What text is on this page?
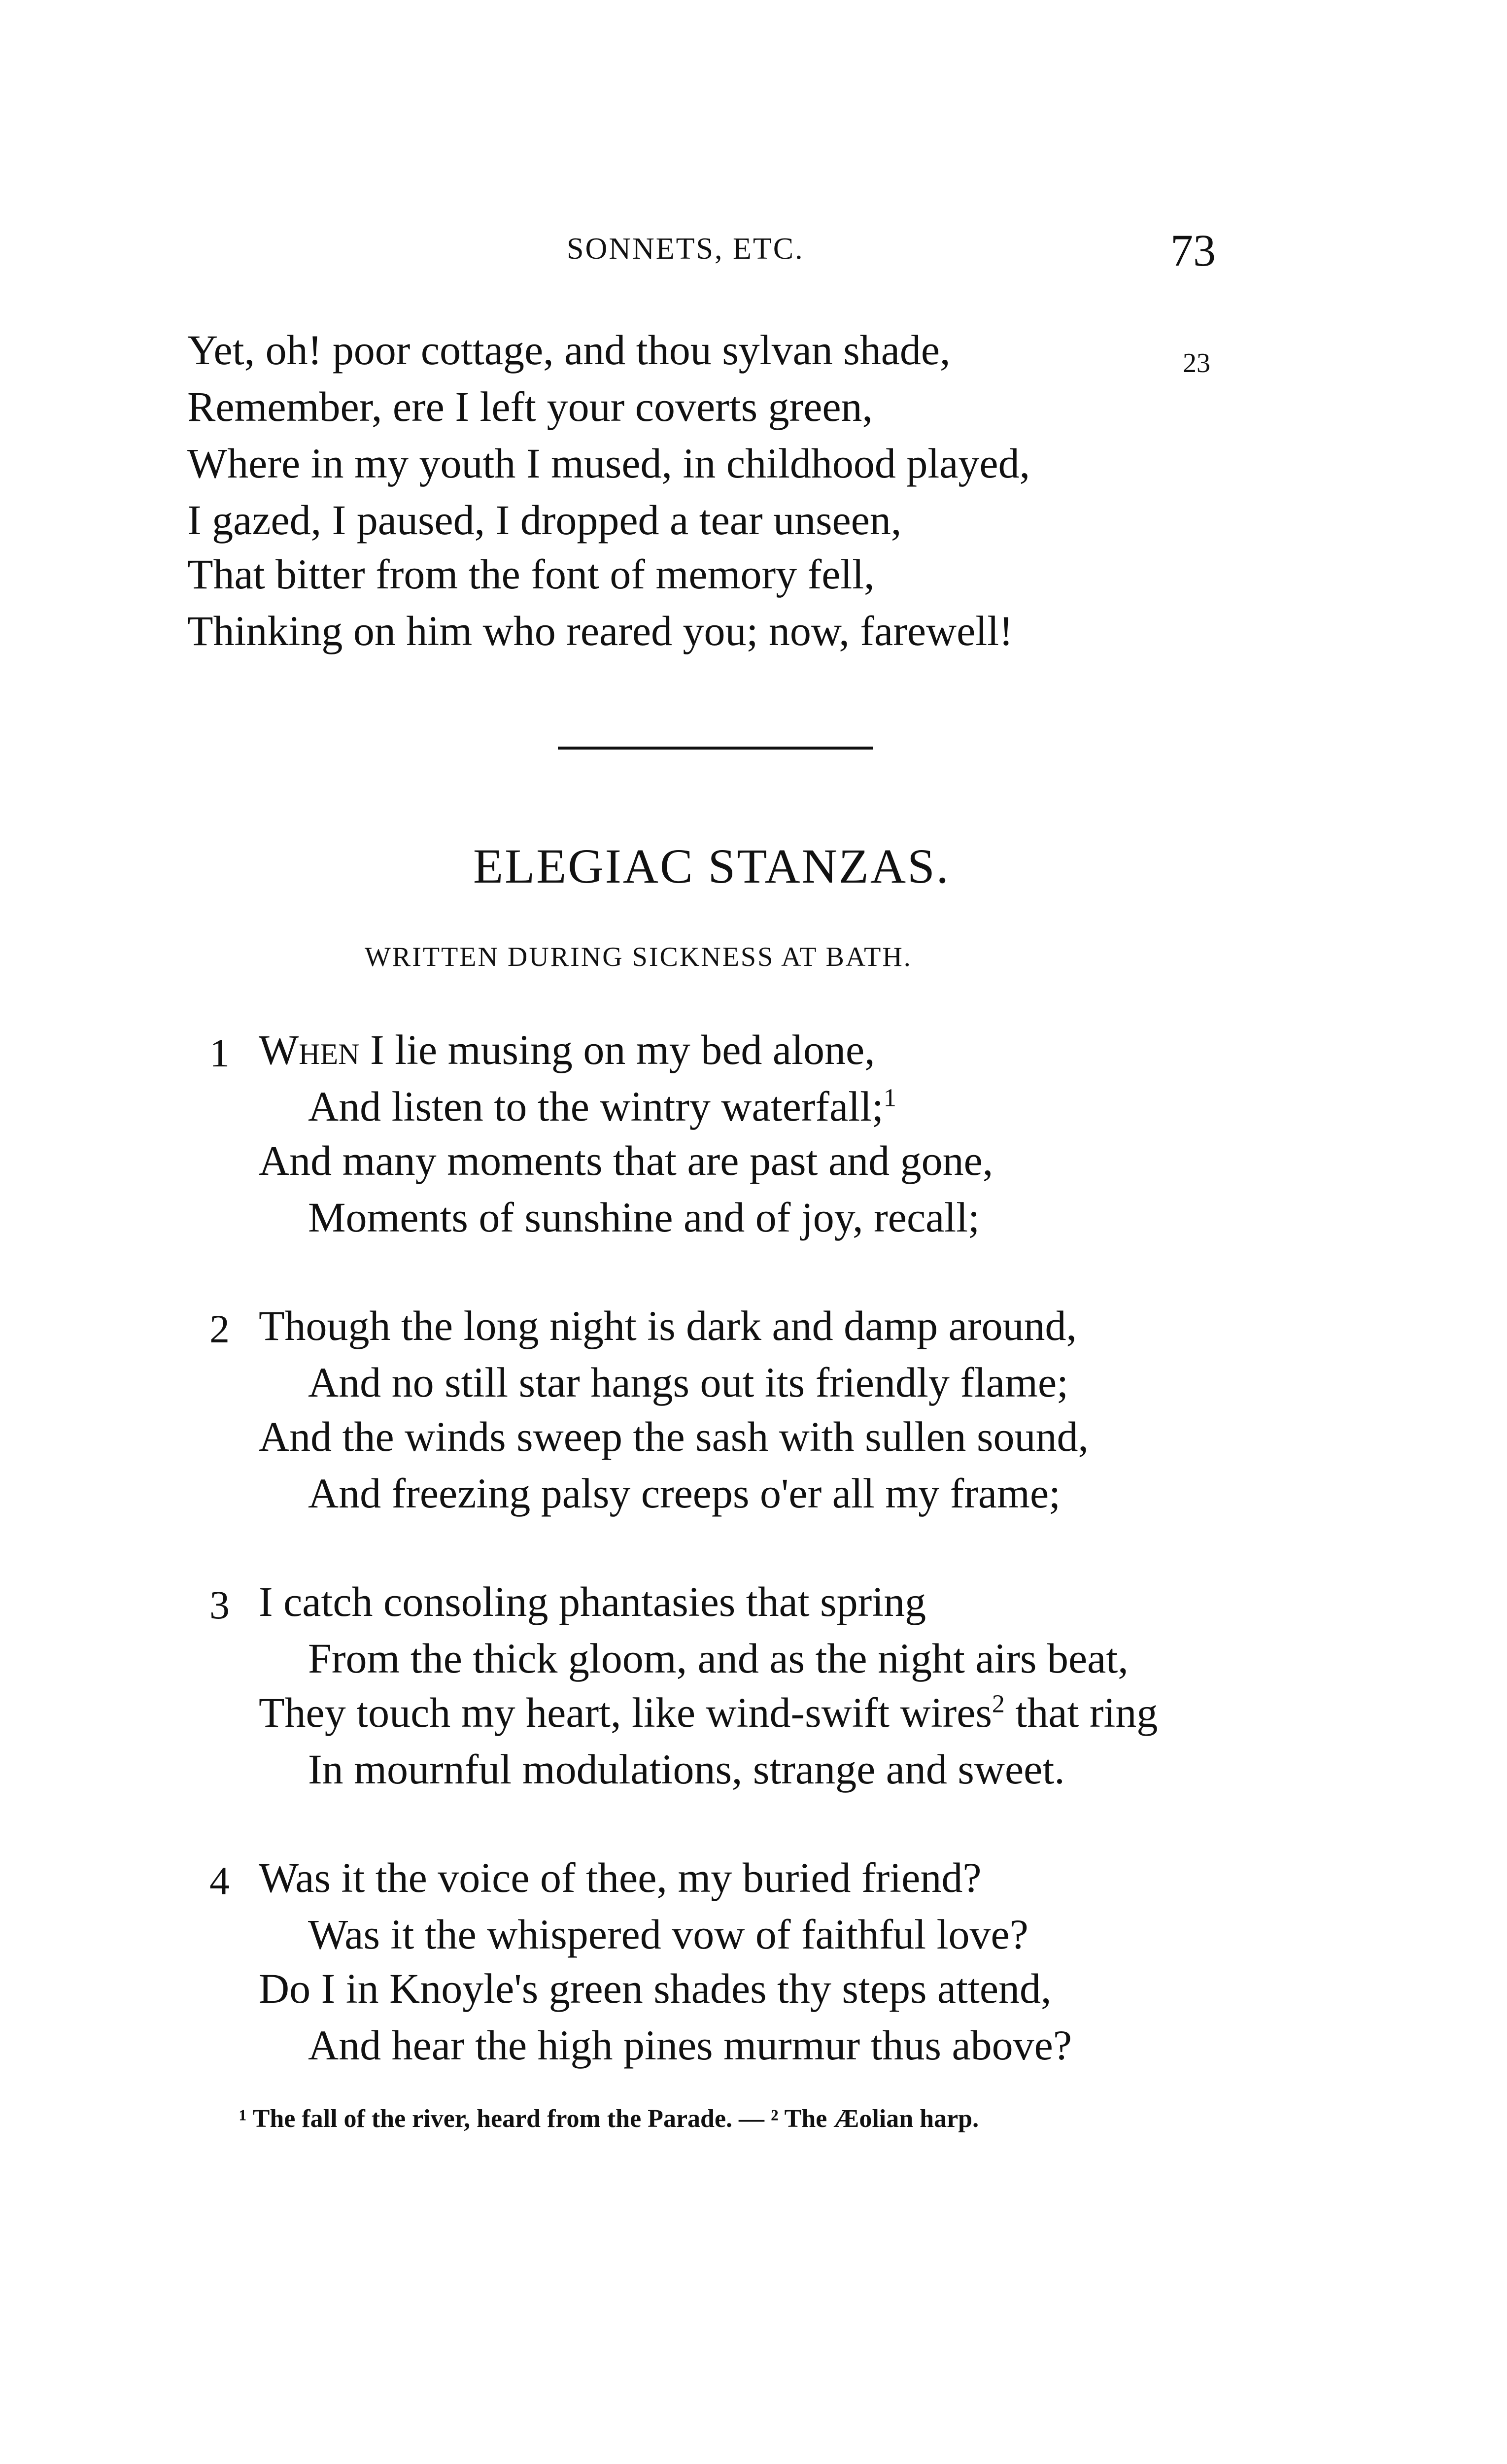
SONNETS, ETC.	73
Yet, oh! poor cottage, and thou sylvan shade,
Remember, ere I left your coverts green,
Where in my youth I mused, in childhood played,
I gazed, I paused, I dropped a tear unseen,
That bitter from the font of memory fell,
Thinking on him who reared you; now, farewell!
23
ELEGIAC STANZAS.
WRITTEN DURING SICKNESS AT BATH.
1 When I lie musing on my bed alone,
And listen to the wintry waterfall;$^1$
And many moments that are past and gone,
Moments of sunshine and of joy, recall;
2 Though the long night is dark and damp around,
And no still star hangs out its friendly flame;
And the winds sweep the sash with sullen sound,
And freezing palsy creeps o'er all my frame;
3 I catch consoling phantasies that spring
From the thick gloom, and as the night airs beat,
They touch my heart, like wind-swift wires$^2$ that ring
In mournful modulations, strange and sweet.
4 Was it the voice of thee, my buried friend?
Was it the whispered vow of faithful love?
Do I in Knoyle's green shades thy steps attend,
And hear the high pines murmur thus above?
¹ The fall of the river, heard from the Parade. — ² The Æolian harp.
